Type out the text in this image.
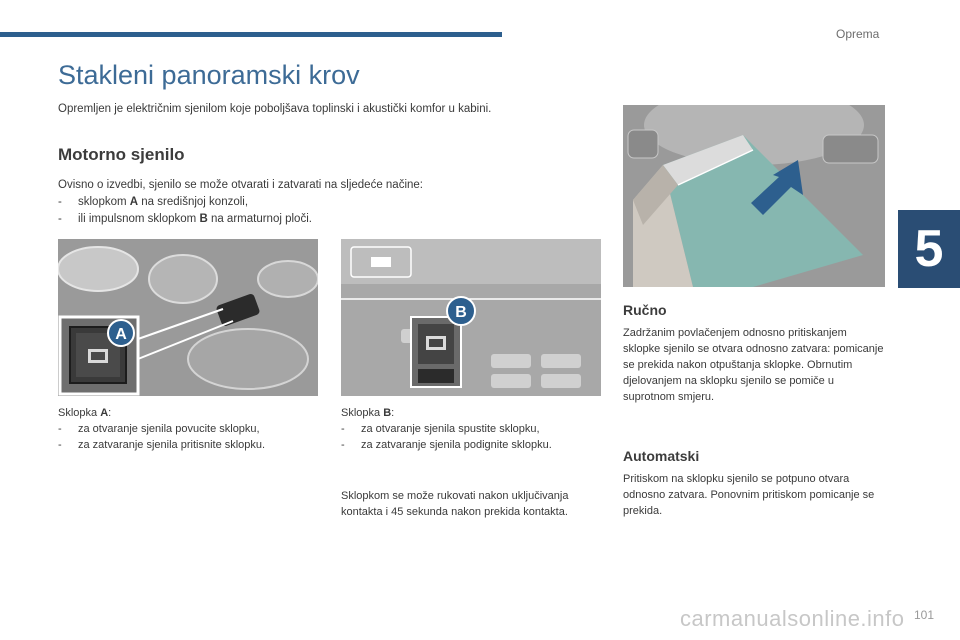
Oprema
5
Stakleni panoramski krov
Opremljen je električnim sjenilom koje poboljšava toplinski i akustički komfor u kabini.
Motorno sjenilo
Ovisno o izvedbi, sjenilo se može otvarati i zatvarati na sljedeće načine:
-	sklopkom A na središnjoj konzoli,
-	ili impulsnom sklopkom B na armaturnoj ploči.
A
B
Sklopka A:
-	za otvaranje sjenila povucite sklopku,
-	za zatvaranje sjenila pritisnite sklopku.
Sklopka B:
-	za otvaranje sjenila spustite sklopku,
-	za zatvaranje sjenila podignite sklopku.
Sklopkom se može rukovati nakon uključivanja kontakta i 45 sekunda nakon prekida kontakta.
Ručno
Zadržanim povlačenjem odnosno pritiskanjem sklopke sjenilo se otvara odnosno zatvara: pomicanje se prekida nakon otpuštanja sklopke. Obrnutim djelovanjem na sklopku sjenilo se pomiče u suprotnom smjeru.
Automatski
Pritiskom na sklopku sjenilo se potpuno otvara odnosno zatvara. Ponovnim pritiskom pomicanje se prekida.
carmanualsonline.info 101
